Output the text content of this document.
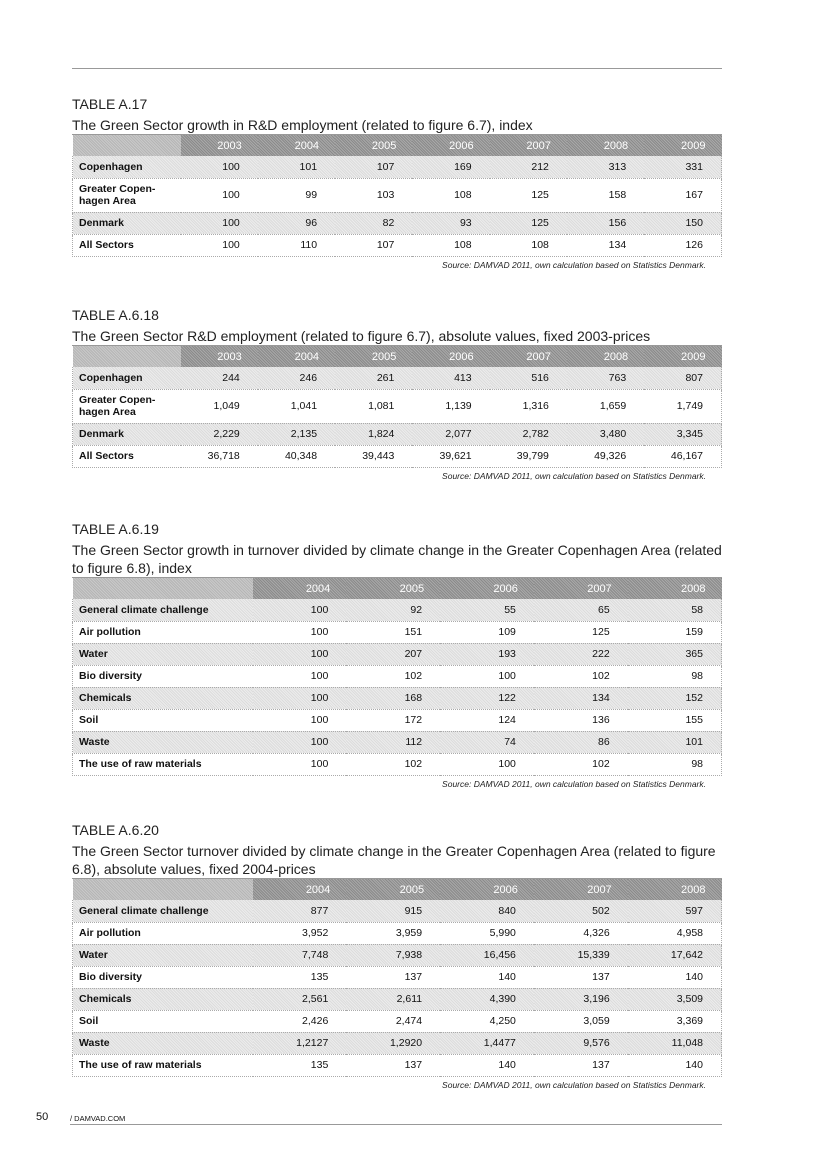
TABLE A.17
The Green Sector growth in R&D employment (related to figure 6.7), index
	2003	2004	2005	2006	2007	2008	2009
Copenhagen	100	101	107	169	212	313	331
Greater Copen-hagen Area	100	99	103	108	125	158	167
Denmark	100	96	82	93	125	156	150
All Sectors	100	110	107	108	108	134	126
Source: DAMVAD 2011, own calculation based on Statistics Denmark.
TABLE A.6.18
The Green Sector R&D employment (related to figure 6.7), absolute values, fixed 2003-prices
	2003	2004	2005	2006	2007	2008	2009
Copenhagen	244	246	261	413	516	763	807
Greater Copen-hagen Area	1,049	1,041	1,081	1,139	1,316	1,659	1,749
Denmark	2,229	2,135	1,824	2,077	2,782	3,480	3,345
All Sectors	36,718	40,348	39,443	39,621	39,799	49,326	46,167
Source: DAMVAD 2011, own calculation based on Statistics Denmark.
TABLE A.6.19
The Green Sector growth in turnover divided by climate change in the Greater Copenhagen Area (related to figure 6.8), index
	2004	2005	2006	2007	2008
General climate challenge	100	92	55	65	58
Air pollution	100	151	109	125	159
Water	100	207	193	222	365
Bio diversity	100	102	100	102	98
Chemicals	100	168	122	134	152
Soil	100	172	124	136	155
Waste	100	112	74	86	101
The use of raw materials	100	102	100	102	98
Source: DAMVAD 2011, own calculation based on Statistics Denmark.
TABLE A.6.20
The Green Sector turnover divided by climate change in the Greater Copenhagen Area (related to figure 6.8), absolute values, fixed 2004-prices
	2004	2005	2006	2007	2008
General climate challenge	877	915	840	502	597
Air pollution	3,952	3,959	5,990	4,326	4,958
Water	7,748	7,938	16,456	15,339	17,642
Bio diversity	135	137	140	137	140
Chemicals	2,561	2,611	4,390	3,196	3,509
Soil	2,426	2,474	4,250	3,059	3,369
Waste	1,2127	1,2920	1,4477	9,576	11,048
The use of raw materials	135	137	140	137	140
Source: DAMVAD 2011, own calculation based on Statistics Denmark.
50	/ DAMVAD.COM
